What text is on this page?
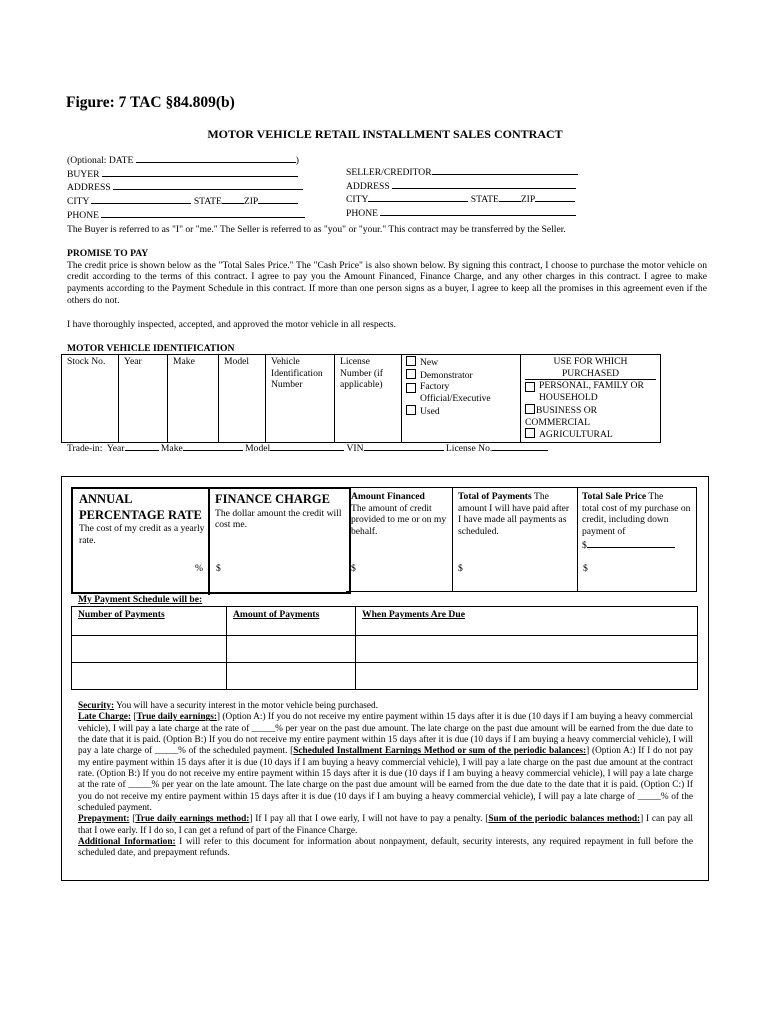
Figure: 7 TAC §84.809(b)
MOTOR VEHICLE RETAIL INSTALLMENT SALES CONTRACT
(Optional: DATE	)
BUYER
ADDRESS
CITY	STATE ZIP
PHONE
SELLER/CREDITOR
ADDRESS
CITY	STATE ZIP
PHONE

The Buyer is referred to as "I" or "me." The Seller is referred to as "you" or "your." This contract may be transferred by the Seller.

PROMISE TO PAY

The credit price is shown below as the "Total Sales Price." The "Cash Price" is also shown below. By signing this contract, I choose to purchase the motor vehicle on credit according to the terms of this contract. I agree to pay you the Amount Financed, Finance Charge, and any other charges in this contract. I agree to make payments according to the Payment Schedule in this contract. If more than one person signs as a buyer, I agree to keep all the promises in this agreement even if the others do not.

I have thoroughly inspected, accepted, and approved the motor vehicle in all respects.

MOTOR VEHICLE IDENTIFICATION
Stock No.	Year	Make	Model	Vehicle Identification Number	License Number (if applicable)	
New
Demonstrator
Factory Official/Executive
Used

USE FOR WHICH PURCHASED
PERSONAL, FAMILY OR HOUSEHOLD
BUSINESS OR COMMERCIAL
AGRICULTURAL
Trade-in: Year	Make	Model	VIN	License No.
ANNUAL PERCENTAGE RATE
The cost of my credit as a yearly rate.
%
FINANCE CHARGE
The dollar amount the credit will cost me.
$
Amount Financed
The amount of credit provided to me or on my behalf.
$
Total of Payments The
amount I will have paid after I have made all payments as scheduled.
$
Total Sale Price The
total cost of my purchase on credit, including down payment of
$
$
My Payment Schedule will be:
Number of Payments	Amount of Payments	When Payments Are Due

Security: You will have a security interest in the motor vehicle being purchased.

Late Charge: [True daily earnings:] (Option A:) If you do not receive my entire payment within 15 days after it is due (10 days if I am buying a heavy commercial vehicle), I will pay a late charge at the rate of _____% per year on the past due amount. The late charge on the past due amount will be earned from the due date to the date that it is paid. (Option B:) If you do not receive my entire payment within 15 days after it is due (10 days if I am buying a heavy commercial vehicle), I will pay a late charge of _____% of the scheduled payment. [Scheduled Installment Earnings Method or sum of the periodic balances:] (Option A:) If I do not pay my entire payment within 15 days after it is due (10 days if I am buying a heavy commercial vehicle), I will pay a late charge on the past due amount at the contract rate. (Option B:) If you do not receive my entire payment within 15 days after it is due (10 days if I am buying a heavy commercial vehicle), I will pay a late charge at the rate of _____% per year on the late amount. The late charge on the past due amount will be earned from the due date to the date that it is paid. (Option C:) If you do not receive my entire payment within 15 days after it is due (10 days if I am buying a heavy commercial vehicle), I will pay a late charge of _____% of the scheduled payment.

Prepayment: [True daily earnings method:] If I pay all that I owe early, I will not have to pay a penalty. [Sum of the periodic balances method:] I can pay all that I owe early. If I do so, I can get a refund of part of the Finance Charge.

Additional Information: I will refer to this document for information about nonpayment, default, security interests, any required repayment in full before the scheduled date, and prepayment refunds.
